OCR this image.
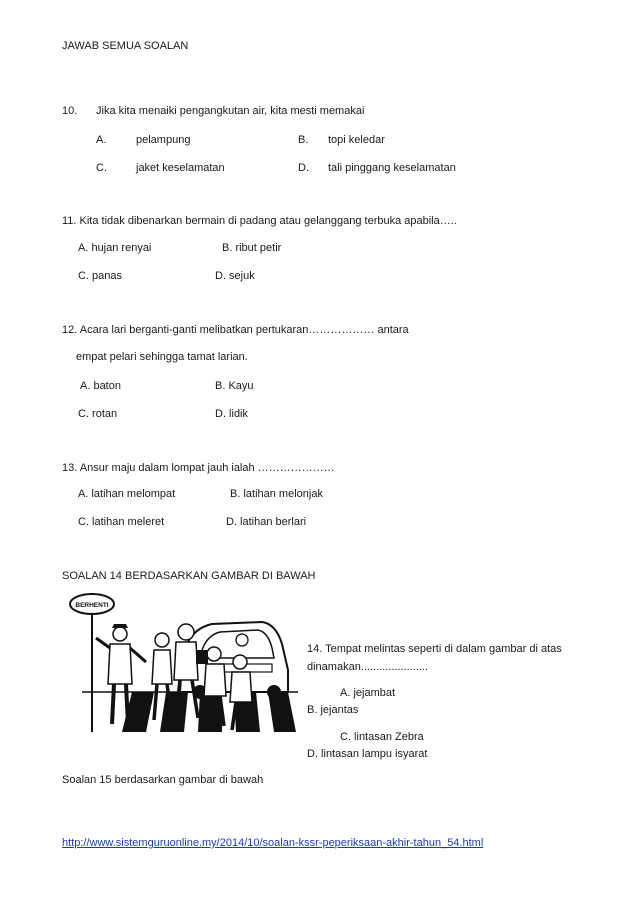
JAWAB SEMUA SOALAN
10. Jika kita menaiki pengangkutan air, kita mesti memakai
A.	pelampung	B. topi keledar
C.	jaket keselamatan	D. tali pinggang keselamatan
11. Kita tidak dibenarkan bermain di padang atau gelanggang terbuka apabila…..
A. hujan renyai	B. ribut petir
C. panas	D. sejuk
12. Acara lari berganti-ganti melibatkan pertukaran……………… antara
empat pelari sehingga tamat larian.
A. baton	B. Kayu
C. rotan	D. lidik
13. Ansur maju dalam lompat jauh ialah …………………
A. latihan melompat	B. latihan melonjak
C. latihan meleret	D. latihan berlari
SOALAN 14 BERDASARKAN GAMBAR DI BAWAH
BERHENTI
14. Tempat melintas seperti di dalam gambar di atas
dinamakan......................
A. jejambat
B. jejantas
C. lintasan Zebra
D. lintasan lampu isyarat
Soalan 15 berdasarkan gambar di bawah
http://www.sistemguruonline.my/2014/10/soalan-kssr-peperiksaan-akhir-tahun_54.html
